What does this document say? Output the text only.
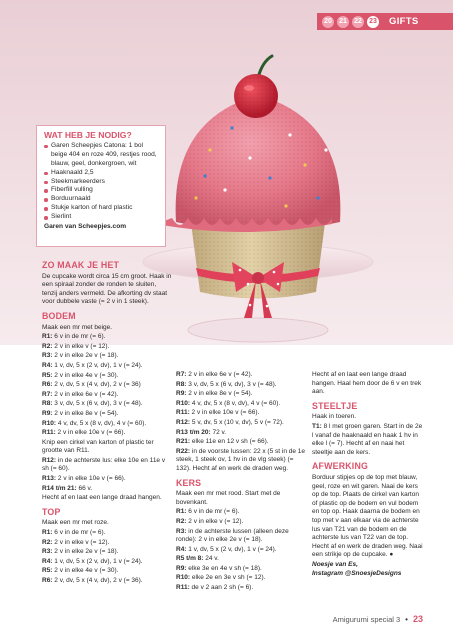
20	21	22	23 GIFTS
WAT HEB JE NODIG?
Garen Scheepjes Catona: 1 bol beige 404 en roze 409, restjes rood, blauw, geel, donkergroen, wit
Haaknaald 2,5
Steekmarkeerders
Fiberfill vulling
Borduurnaald
Stukje karton of hard plastic
Sierlint
Garen van Scheepjes.com
ZO MAAK JE HET

De cupcake wordt circa 15 cm groot. Haak in een spiraal zonder de ronden te sluiten, tenzij anders vermeld. De afkorting dv staat voor dubbele vaste (= 2 v in 1 steek).

BODEM

Maak een mr met beige.

R1: 6 v in de mr (= 6).

R2: 2 v in elke v (= 12).

R3: 2 v in elke 2e v (= 18).

R4: 1 v, dv, 5 x (2 v, dv), 1 v (= 24).

R5: 2 v in elke 4e v (= 30).

R6: 2 v, dv, 5 x (4 v, dv), 2 v (= 36)

R7: 2 v in elke 6e v (= 42).

R8: 3 v, dv, 5 x (6 v, dv), 3 v (= 48).

R9: 2 v in elke 8e v (= 54).

R10: 4 v, dv, 5 x (8 v, dv), 4 v (= 60).

R11: 2 v in elke 10e v (= 66).

Knip een cirkel van karton of plastic ter grootte van R11.

R12: in de achterste lus: elke 10e en 11e v sh (= 60).

R13: 2 v in elke 10e v (= 66).

R14 t/m 21: 66 v.

Hecht af en laat een lange draad hangen.

TOP

Maak een mr met roze.

R1: 6 v in de mr (= 6).

R2: 2 v in elke v (= 12).

R3: 2 v in elke 2e v (= 18).

R4: 1 v, dv, 5 x (2 v, dv), 1 v (= 24).

R5: 2 v in elke 4e v (= 30).

R6: 2 v, dv, 5 x (4 v, dv), 2 v (= 36).

R7: 2 v in elke 6e v (= 42).

R8: 3 v, dv, 5 x (6 v, dv), 3 v (= 48).

R9: 2 v in elke 8e v (= 54).

R10: 4 v, dv, 5 x (8 v, dv), 4 v (= 60).

R11: 2 v in elke 10e v (= 66).

R12: 5 v, dv, 5 x (10 v, dv), 5 v (= 72).

R13 t/m 20: 72 v.

R21: elke 11e en 12 v sh (= 66).

R22: in de voorste lussen: 22 x (5 st in de 1e steek, 1 steek ov, 1 hv in de vlg steek) (= 132). Hecht af en werk de draden weg.

KERS

Maak een mr met rood. Start met de bovenkant.

R1: 6 v in de mr (= 6).

R2: 2 v in elke v (= 12).

R3: in de achterste lussen (alleen deze ronde): 2 v in elke 2e v (= 18).

R4: 1 v, dv, 5 x (2 v, dv), 1 v (= 24).

R5 t/m 8: 24 v.

R9: elke 3e en 4e v sh (= 18).

R10: elke 2e en 3e v sh (= 12).

R11: de v 2 aan 2 sh (= 6).

Hecht af en laat een lange draad hangen. Haal hem door de 6 v en trek aan.

STEELTJE

Haak in toeren.

T1: 8 l met groen garen. Start in de 2e l vanaf de haaknaald en haak 1 hv in elke l (= 7). Hecht af en naai het steeltje aan de kers.

AFWERKING

Borduur stipjes op de top met blauw, geel, roze en wit garen. Naai de kers op de top. Plaats de cirkel van karton of plastic op de bodem en vul bodem en top op. Haak daarna de bodem en top met v aan elkaar via de achterste lus van T21 van de bodem en de achterste lus van T22 van de top. Hecht af en werk de draden weg. Naai een strikje op de cupcake. ●

Noesje van Es,

Instagram @SnoesjeDesigns

Amigurumi special 3 • 23
